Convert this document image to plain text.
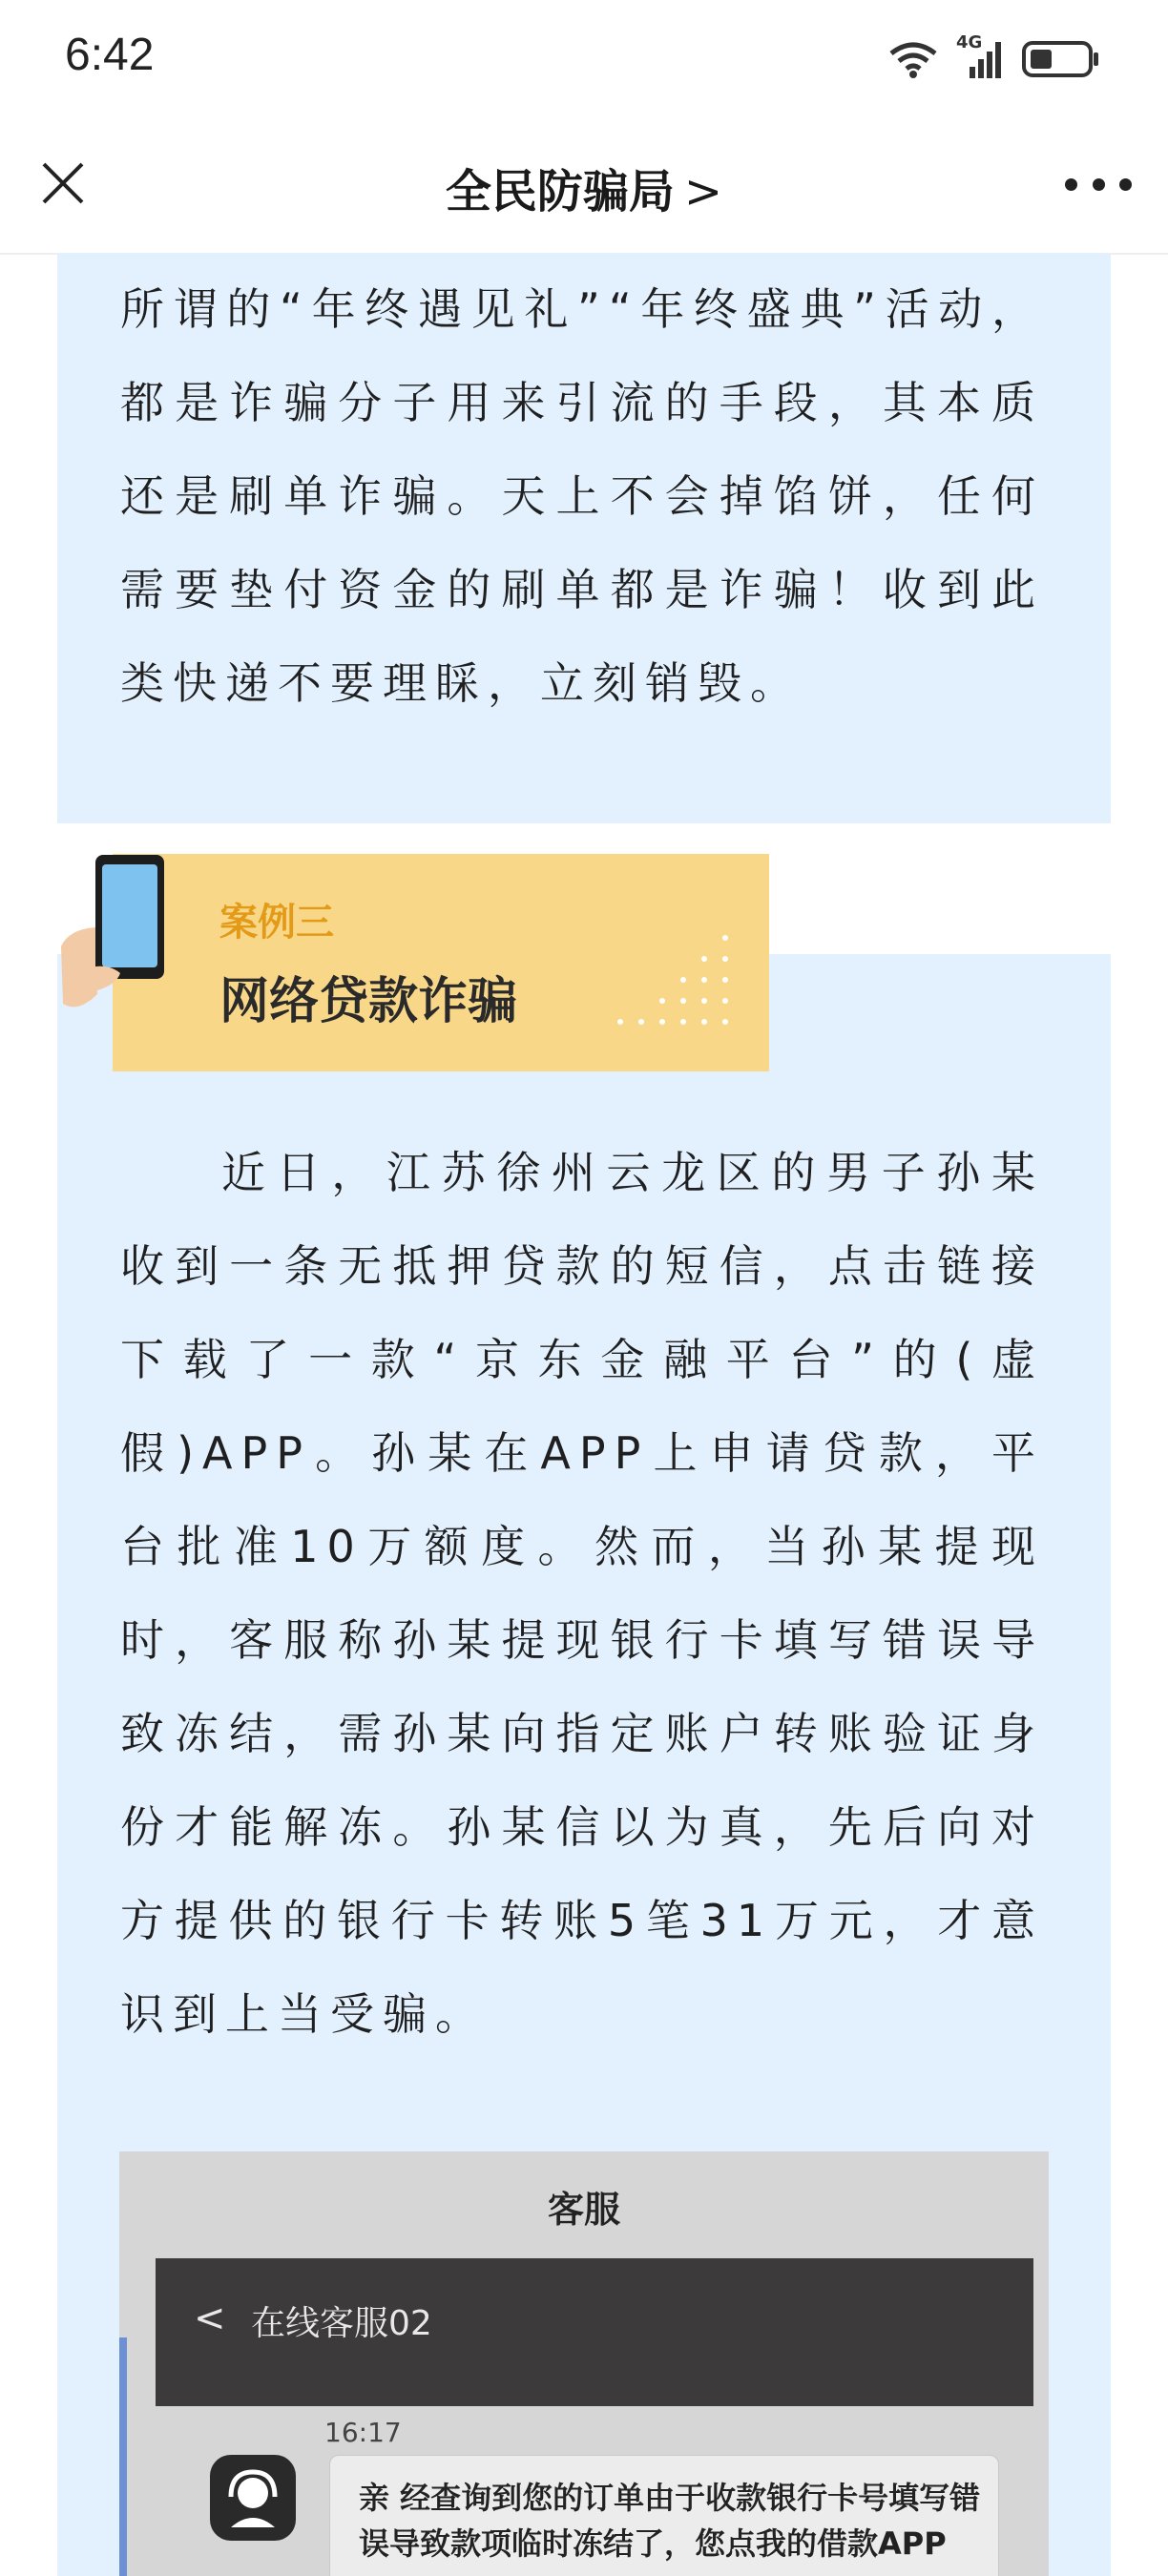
6:42	4G
全民防骗局 >

所谓的“年终遇见礼”“年终盛典”活动，都是诈骗分子用来引流的手段，其本质还是刷单诈骗。天上不会掉馅饼，任何需要垫付资金的刷单都是诈骗！收到此类快递不要理睬，立刻销毁。

案例三
网络贷款诈骗

近日，江苏徐州云龙区的男子孙某收到一条无抵押贷款的短信，点击链接下载了一款“京东金融平台”的(虚假)APP。孙某在APP上申请贷款，平台批准10万额度。然而，当孙某提现时，客服称孙某提现银行卡填写错误导致冻结，需孙某向指定账户转账验证身份才能解冻。孙某信以为真，先后向对方提供的银行卡转账5笔31万元，才意识到上当受骗。

客服
< 在线客服02
16:17

亲 经查询到您的订单由于收款银行卡号填写错误导致款项临时冻结了，您点我的借款APP
